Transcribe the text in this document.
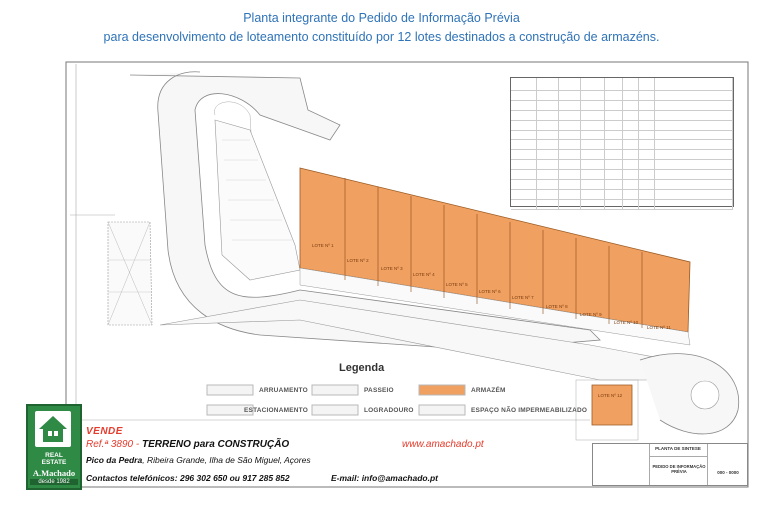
Planta integrante do Pedido de Informação Prévia
para desenvolvimento de loteamento constituído por 12 lotes destinados a construção de armazéns.
LOTE Nº 1
LOTE Nº 2
LOTE Nº 3
LOTE Nº 4
LOTE Nº 5
LOTE Nº 6
LOTE Nº 7
LOTE Nº 8
LOTE Nº 9
LOTE Nº 10
LOTE Nº 11
LOTE Nº 12
Legenda
ARRUAMENTO	PASSEIO	ARMAZÉM
ESTACIONAMENTO	LOGRADOURO	ESPAÇO NÃO IMPERMEABILIZADO
PLANTA DE SINTESE
PEDIDO DE INFORMAÇÃO PRÉVIA	000 - 0000
REAL
ESTATE
A.Machado
desde 1982
VENDE
Ref.ª 3890 - TERRENO para CONSTRUÇÃO	www.amachado.pt
Pico da Pedra, Ribeira Grande, Ilha de São Miguel, Açores
Contactos telefónicos: 296 302 650 ou 917 285 852	E-mail: info@amachado.pt
